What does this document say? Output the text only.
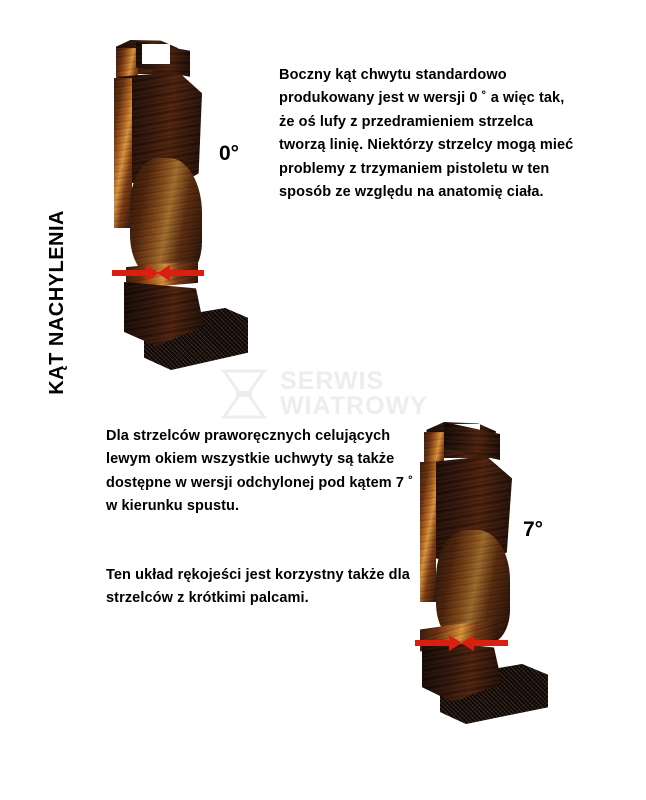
KĄT NACHYLENIA
0°
Boczny kąt chwytu standardowo produkowany jest w wersji 0 ˚ a więc tak, że oś lufy z przedramieniem strzelca tworzą linię. Niektórzy strzelcy mogą mieć problemy z trzymaniem pistoletu w ten sposób ze względu na anatomię ciała.
SERWIS
WIATROWY
Dla strzelców praworęcznych celujących lewym okiem wszystkie uchwyty są także dostępne w wersji odchylonej pod kątem 7 ˚ w kierunku spustu.
Ten układ rękojeści jest korzystny także dla strzelców z krótkimi palcami.
7°
